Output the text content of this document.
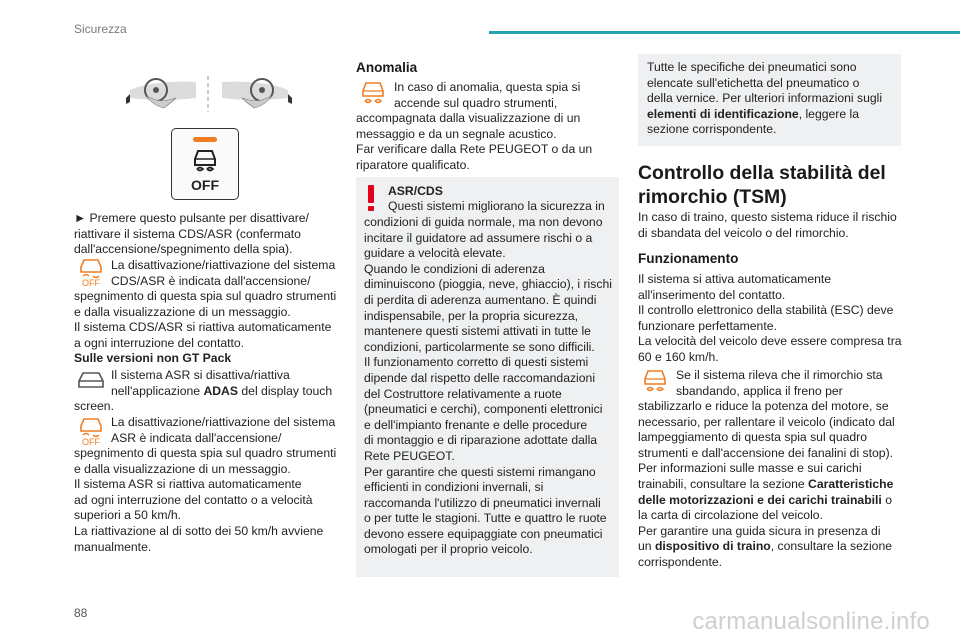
Sicurezza
OFF
► Premere questo pulsante per disattivare/
riattivare il sistema CDS/ASR (confermato
dall'accensione/spegnimento della spia).
OFF
La disattivazione/riattivazione del sistema
CDS/ASR è indicata dall'accensione/
spegnimento di questa spia sul quadro strumenti
e dalla visualizzazione di un messaggio.
Il sistema CDS/ASR si riattiva automaticamente
a ogni interruzione del contatto.
Sulle versioni non GT Pack
Il sistema ASR si disattiva/riattiva
nell'applicazione ADAS del display touch
screen.
OFF
La disattivazione/riattivazione del sistema
ASR è indicata dall'accensione/
spegnimento di questa spia sul quadro strumenti
e dalla visualizzazione di un messaggio.
Il sistema ASR si riattiva automaticamente
ad ogni interruzione del contatto o a velocità
superiori a 50 km/h.
La riattivazione al di sotto dei 50 km/h avviene
manualmente.
Anomalia
In caso di anomalia, questa spia si
accende sul quadro strumenti,
accompagnata dalla visualizzazione di un
messaggio e da un segnale acustico.
Far verificare dalla Rete PEUGEOT o da un
riparatore qualificato.
ASR/CDS
Questi sistemi migliorano la sicurezza in
condizioni di guida normale, ma non devono
incitare il guidatore ad assumere rischi o a
guidare a velocità elevate.
Quando le condizioni di aderenza
diminuiscono (pioggia, neve, ghiaccio), i rischi
di perdita di aderenza aumentano. È quindi
indispensabile, per la propria sicurezza,
mantenere questi sistemi attivati in tutte le
condizioni, particolarmente se sono difficili.
Il funzionamento corretto di questi sistemi
dipende dal rispetto delle raccomandazioni
del Costruttore relativamente a ruote
(pneumatici e cerchi), componenti elettronici
e dell'impianto frenante e delle procedure
di montaggio e di riparazione adottate dalla
Rete PEUGEOT.
Per garantire che questi sistemi rimangano
efficienti in condizioni invernali, si
raccomanda l'utilizzo di pneumatici invernali
o per tutte le stagioni. Tutte e quattro le ruote
devono essere equipaggiate con pneumatici
omologati per il proprio veicolo.
Tutte le specifiche dei pneumatici sono
elencate sull'etichetta del pneumatico o
della vernice. Per ulteriori informazioni sugli
elementi di identificazione, leggere la
sezione corrispondente.
Controllo della stabilità del
rimorchio (TSM)
In caso di traino, questo sistema riduce il rischio
di sbandata del veicolo o del rimorchio.
Funzionamento
Il sistema si attiva automaticamente
all'inserimento del contatto.
Il controllo elettronico della stabilità (ESC) deve
funzionare perfettamente.
La velocità del veicolo deve essere compresa tra
60 e 160 km/h.
Se il sistema rileva che il rimorchio sta
sbandando, applica il freno per
stabilizzarlo e riduce la potenza del motore, se
necessario, per rallentare il veicolo (indicato dal
lampeggiamento di questa spia sul quadro
strumenti e dall'accensione dei fanalini di stop).
Per informazioni sulle masse e sui carichi
trainabili, consultare la sezione Caratteristiche
delle motorizzazioni e dei carichi trainabili o
la carta di circolazione del veicolo.
Per garantire una guida sicura in presenza di
un dispositivo di traino, consultare la sezione
corrispondente.
88	carmanualsonline.info
